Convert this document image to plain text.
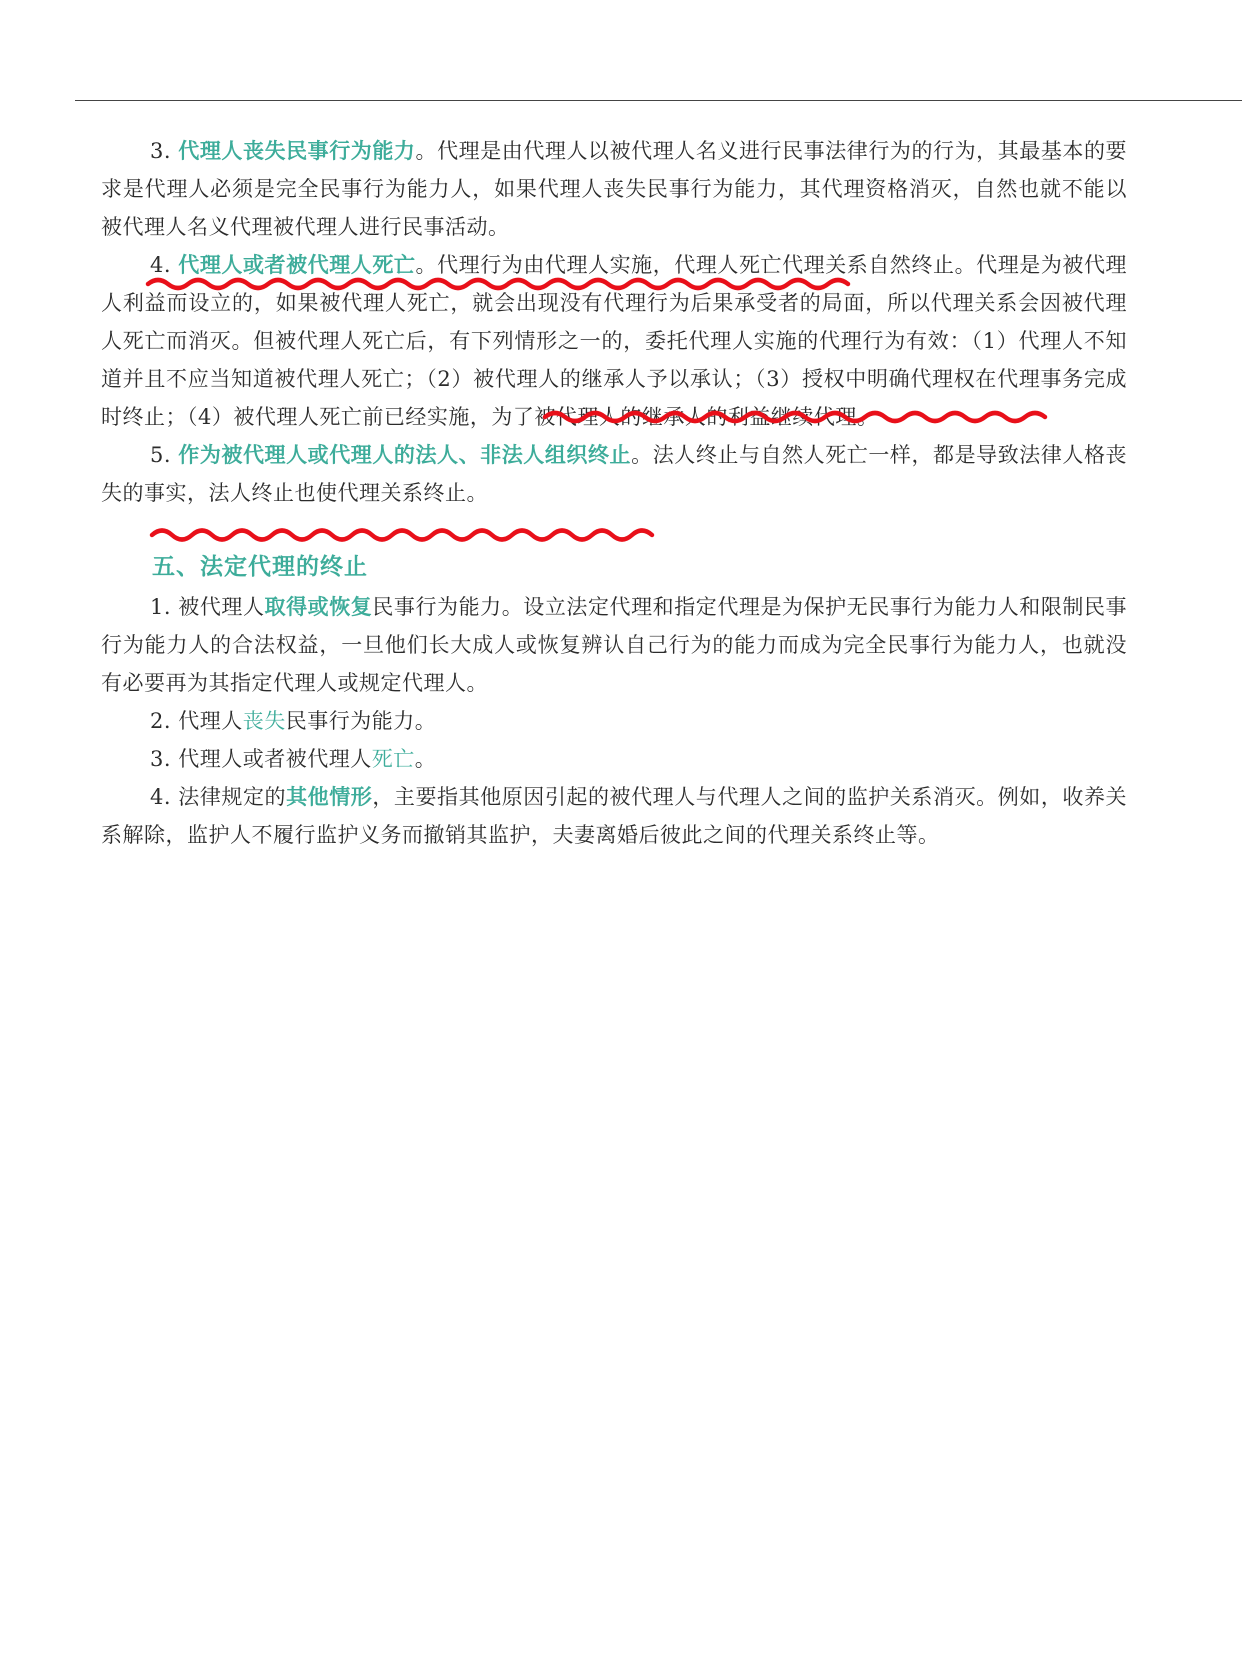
3. 代理人丧失民事行为能力。代理是由代理人以被代理人名义进行民事法律行为的行为，其最基本的要求是代理人必须是完全民事行为能力人，如果代理人丧失民事行为能力，其代理资格消灭，自然也就不能以被代理人名义代理被代理人进行民事活动。

4. 代理人或者被代理人死亡。代理行为由代理人实施，代理人死亡代理关系自然终止。代理是为被代理人利益而设立的，如果被代理人死亡，就会出现没有代理行为后果承受者的局面，所以代理关系会因被代理人死亡而消灭。但被代理人死亡后，有下列情形之一的，委托代理人实施的代理行为有效：（1）代理人不知道并且不应当知道被代理人死亡；（2）被代理人的继承人予以承认；（3）授权中明确代理权在代理事务完成时终止；（4）被代理人死亡前已经实施，为了被代理人的继承人的利益继续代理。

5. 作为被代理人或代理人的法人、非法人组织终止。法人终止与自然人死亡一样，都是导致法律人格丧失的事实，法人终止也使代理关系终止。

五、法定代理的终止

1. 被代理人取得或恢复民事行为能力。设立法定代理和指定代理是为保护无民事行为能力人和限制民事行为能力人的合法权益，一旦他们长大成人或恢复辨认自己行为的能力而成为完全民事行为能力人，也就没有必要再为其指定代理人或规定代理人。

2. 代理人丧失民事行为能力。

3. 代理人或者被代理人死亡。

4. 法律规定的其他情形，主要指其他原因引起的被代理人与代理人之间的监护关系消灭。例如，收养关系解除，监护人不履行监护义务而撤销其监护，夫妻离婚后彼此之间的代理关系终止等。
